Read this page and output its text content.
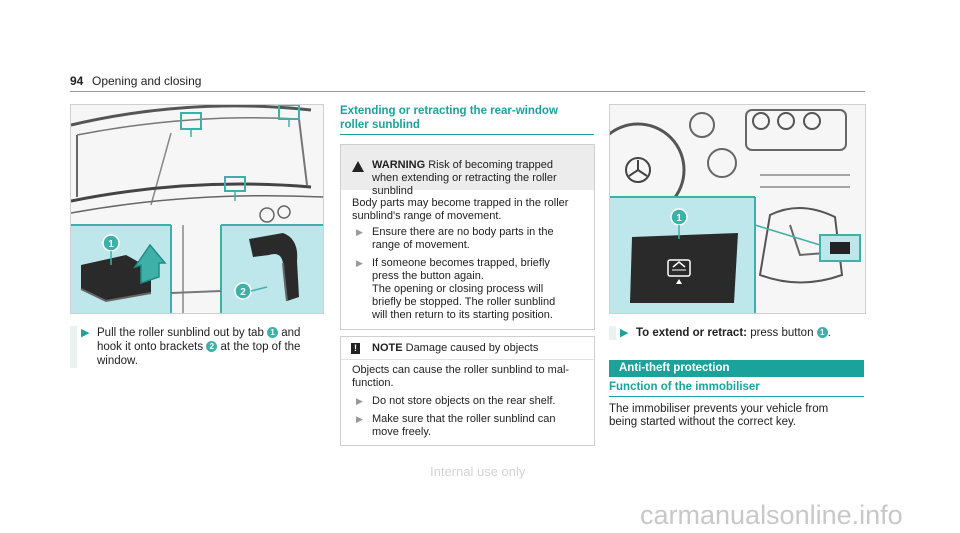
94 Opening and closing
1
2
▶ Pull the roller sunblind out by tab 1 and
hook it onto brackets 2 at the top of the
window.
Extending or retracting the rear-window
roller sunblind
WARNING Risk of becoming trapped
when extending or retracting the roller
sunblind
Body parts may become trapped in the roller
sunblind's range of movement.
▶ Ensure there are no body parts in the
range of movement.
▶ If someone becomes trapped, briefly
press the button again.
The opening or closing process will
briefly be stopped. The roller sunblind
will then return to its starting position.
! NOTE Damage caused by objects
Objects can cause the roller sunblind to mal-
function.
▶ Do not store objects on the rear shelf.
▶ Make sure that the roller sunblind can
move freely.
1
▶ To extend or retract: press button 1 .
Anti-theft protection
Function of the immobiliser
The immobiliser prevents your vehicle from
being started without the correct key.
Internal use only
carmanualsonline.info
